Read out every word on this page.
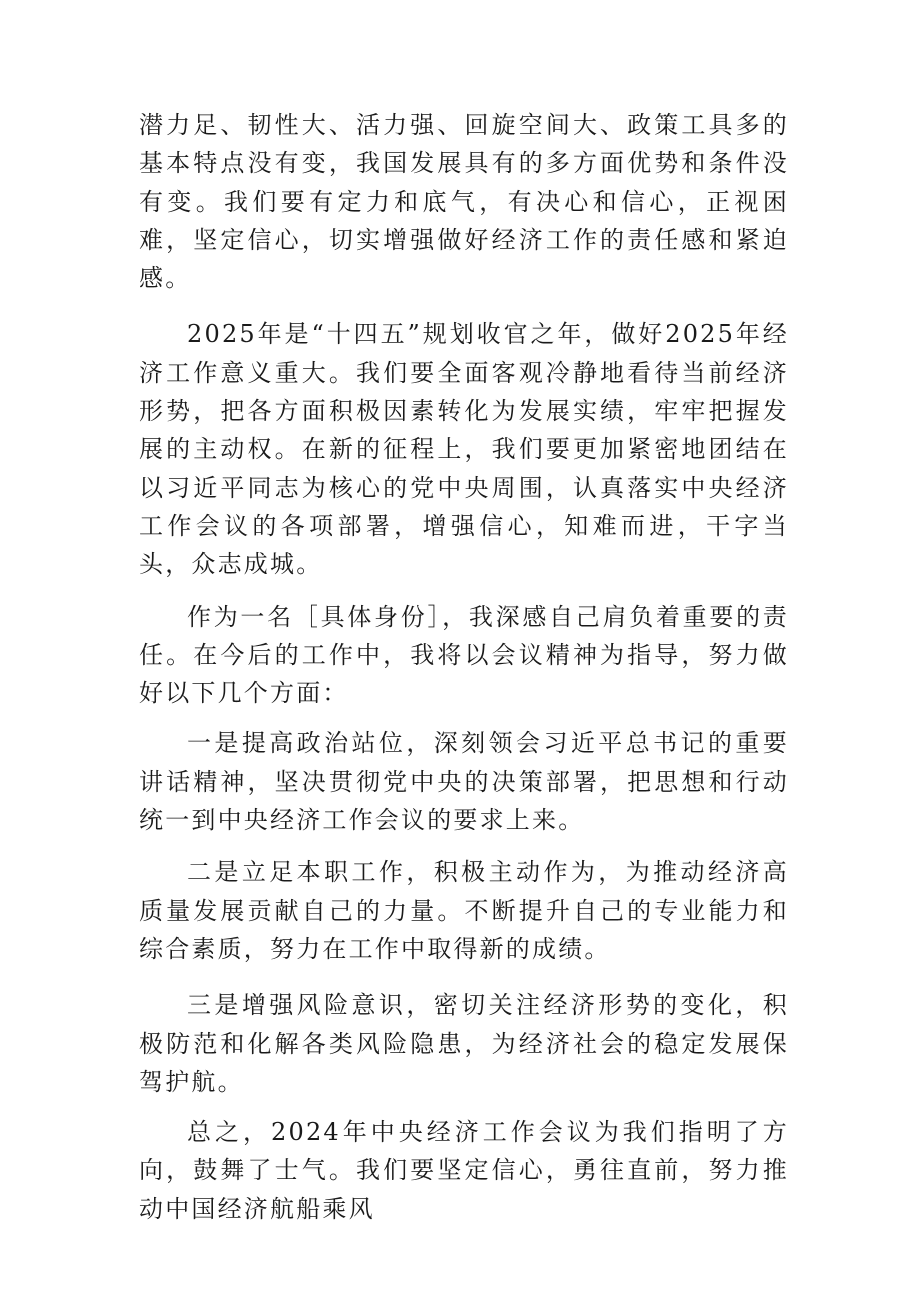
潜力足、韧性大、活力强、回旋空间大、政策工具多的基本特点没有变，我国发展具有的多方面优势和条件没有变。我们要有定力和底气，有决心和信心，正视困难，坚定信心，切实增强做好经济工作的责任感和紧迫感。

2025年是“十四五”规划收官之年，做好2025年经济工作意义重大。我们要全面客观冷静地看待当前经济形势，把各方面积极因素转化为发展实绩，牢牢把握发展的主动权。在新的征程上，我们要更加紧密地团结在以习近平同志为核心的党中央周围，认真落实中央经济工作会议的各项部署，增强信心，知难而进，干字当头，众志成城。

作为一名［具体身份］，我深感自己肩负着重要的责任。在今后的工作中，我将以会议精神为指导，努力做好以下几个方面：

一是提高政治站位，深刻领会习近平总书记的重要讲话精神，坚决贯彻党中央的决策部署，把思想和行动统一到中央经济工作会议的要求上来。

二是立足本职工作，积极主动作为，为推动经济高质量发展贡献自己的力量。不断提升自己的专业能力和综合素质，努力在工作中取得新的成绩。

三是增强风险意识，密切关注经济形势的变化，积极防范和化解各类风险隐患，为经济社会的稳定发展保驾护航。

总之，2024年中央经济工作会议为我们指明了方向，鼓舞了士气。我们要坚定信心，勇往直前，努力推动中国经济航船乘风
